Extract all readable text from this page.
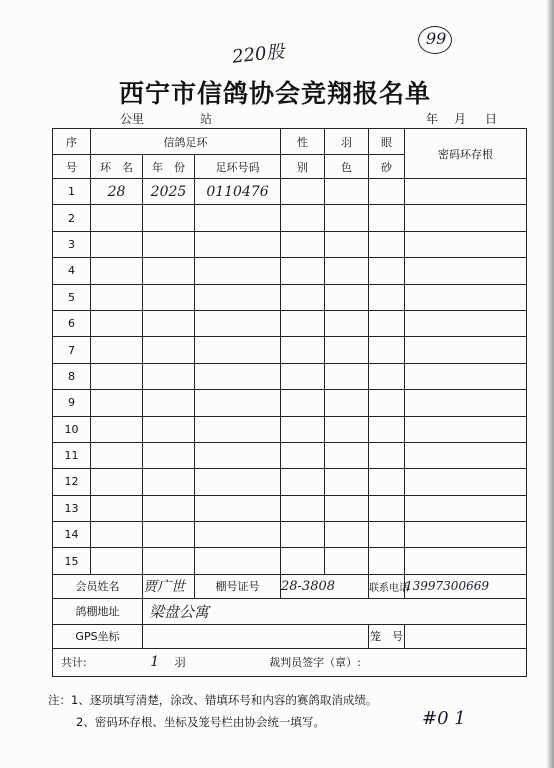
220股
99
西宁市信鸽协会竞翔报名单
公里	站	年 月 日
序	信鸽足环			性	羽	眼	密码环存根
号	环　名	年　份	足环号码	别	色	砂	
1	28	2025	0110476				
2							
3							
4							
5							
6							
7							
8							
9							
10							
11							
12							
13							
14							
15							
会员姓名		贾广世	棚号证号	28-3808		联系电话	13997300669
鸽棚地址		梁盘公寓					
GPS坐标						笼　号	
共计: 1 羽 裁判员签字（章）:							
注：1、逐项填写清楚，涂改、错填环号和内容的赛鸽取消成绩。
2、密码环存根、坐标及笼号栏由协会统一填写。	#0 1
